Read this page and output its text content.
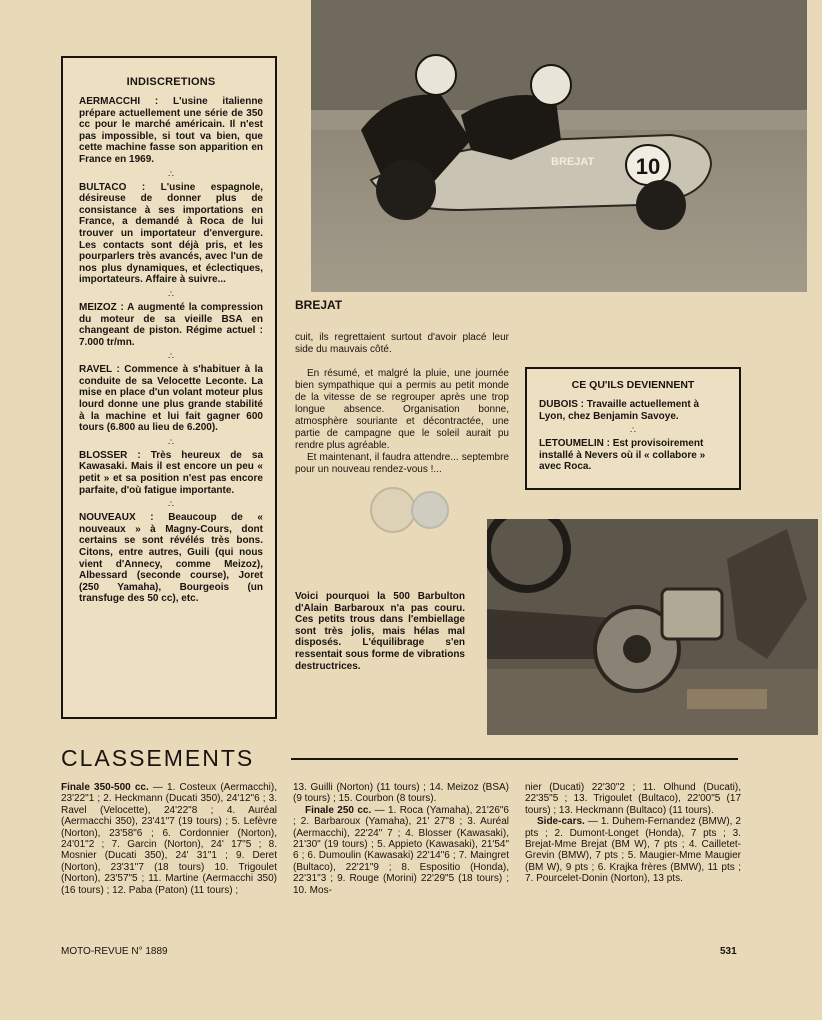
INDISCRETIONS

AERMACCHI : L'usine italienne prépare actuellement une série de 350 cc pour le marché américain. Il n'est pas impossible, si tout va bien, que cette machine fasse son apparition en France en 1969.

∴

BULTACO : L'usine espagnole, désireuse de donner plus de consistance à ses importations en France, a demandé à Roca de lui trouver un importateur d'envergure. Les contacts sont déjà pris, et les pourparlers très avancés, avec l'un de nos plus dynamiques, et éclectiques, importateurs. Affaire à suivre...

∴

MEIZOZ : A augmenté la compression du moteur de sa vieille BSA en changeant de piston. Régime actuel : 7.000 tr/mn.

∴

RAVEL : Commence à s'habituer à la conduite de sa Velocette Leconte. La mise en place d'un volant moteur plus lourd donne une plus grande stabilité à la machine et lui fait gagner 600 tours (6.800 au lieu de 6.200).

∴

BLOSSER : Très heureux de sa Kawasaki. Mais il est encore un peu « petit » et sa position n'est pas encore parfaite, d'où fatigue importante.

∴

NOUVEAUX : Beaucoup de « nouveaux » à Magny-Cours, dont certains se sont révélés très bons. Citons, entre autres, Guili (qui nous vient d'Annecy, comme Meizoz), Albessard (seconde course), Joret (250 Yamaha), Bourgeois (un transfuge des 50 cc), etc.

10
BREJAT
BREJAT

cuit, ils regrettaient surtout d'avoir placé leur side du mauvais côté.

En résumé, et malgré la pluie, une journée bien sympathique qui a permis au petit monde de la vitesse de se regrouper après une trop longue absence. Organisation bonne, atmosphère souriante et décontractée, une partie de campagne que le soleil aurait pu rendre plus agréable.

Et maintenant, il faudra attendre... septembre pour un nouveau rendez-vous !...

CE QU'ILS DEVIENNENT

DUBOIS : Travaille actuellement à Lyon, chez Benjamin Savoye.

∴

LETOUMELIN : Est provisoirement installé à Nevers où il « collabore » avec Roca.

Voici pourquoi la 500 Barbulton d'Alain Barbaroux n'a pas couru. Ces petits trous dans l'embiellage sont très jolis, mais hélas mal disposés. L'équilibrage s'en ressentait sous forme de vibrations destructrices.
CLASSEMENTS

Finale 350-500 cc. — 1. Costeux (Aermacchi), 23'22"1 ; 2. Heckmann (Ducati 350), 24'12"6 ; 3. Ravel (Velocette), 24'22"8 ; 4. Auréal (Aermacchi 350), 23'41"7 (19 tours) ; 5. Lefèvre (Norton), 23'58"6 ; 6. Cordonnier (Norton), 24'01"2 ; 7. Garcin (Norton), 24' 17"5 ; 8. Mosnier (Ducati 350), 24' 31"1 ; 9. Deret (Norton), 23'31"7 (18 tours) 10. Trigoulet (Norton), 23'57"5 ; 11. Martine (Aermacchi 350) (16 tours) ; 12. Paba (Paton) (11 tours) ;

13. Guilli (Norton) (11 tours) ; 14. Meizoz (BSA) (9 tours) ; 15. Courbon (8 tours).

Finale 250 cc. — 1. Roca (Yamaha), 21'26"6 ; 2. Barbaroux (Yamaha), 21' 27"8 ; 3. Auréal (Aermacchi), 22'24" 7 ; 4. Blosser (Kawasaki), 21'30" (19 tours) ; 5. Appieto (Kawasaki), 21'54" 6 ; 6. Dumoulin (Kawasaki) 22'14"6 ; 7. Maingret (Bultaco), 22'21"9 ; 8. Espositio (Honda), 22'31"3 ; 9. Rouge (Morini) 22'29"5 (18 tours) ; 10. Mos-

nier (Ducati) 22'30"2 ; 11. Olhund (Ducati), 22'35"5 ; 13. Trigoulet (Bultaco), 22'00"5 (17 tours) ; 13. Heckmann (Bultaco) (11 tours).

Side-cars. — 1. Duhem-Fernandez (BMW), 2 pts ; 2. Dumont-Longet (Honda), 7 pts ; 3. Brejat-Mme Brejat (BM W), 7 pts ; 4. Cailletet-Grevin (BMW), 7 pts ; 5. Maugier-Mme Maugier (BM W), 9 pts ; 6. Krajka frères (BMW), 11 pts ; 7. Pourcelet-Donin (Norton), 13 pts.

MOTO-REVUE N° 1889	531
